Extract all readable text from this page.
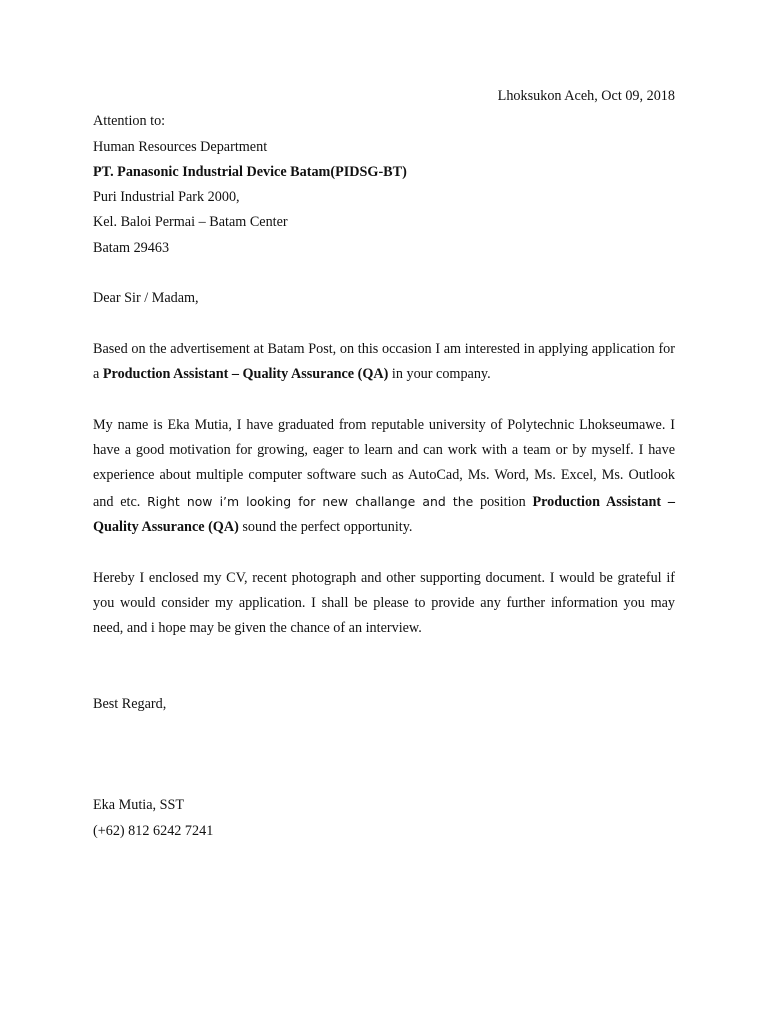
Lhoksukon Aceh, Oct 09, 2018
Attention to:
Human Resources Department
PT. Panasonic Industrial Device Batam(PIDSG-BT)
Puri Industrial Park 2000,
Kel. Baloi Permai – Batam Center
Batam 29463
Dear Sir / Madam,
Based on the advertisement at Batam Post, on this occasion I am interested in applying application for a Production Assistant – Quality Assurance (QA) in your company.
My name is Eka Mutia, I have graduated from reputable university of Polytechnic Lhokseumawe. I have a good motivation for growing, eager to learn and can work with a team or by myself. I have experience about multiple computer software such as AutoCad, Ms. Word, Ms. Excel, Ms. Outlook and etc. Right now i’m looking for new challange and the position Production Assistant – Quality Assurance (QA) sound the perfect opportunity.
Hereby I enclosed my CV, recent photograph and other supporting document. I would be grateful if you would consider my application. I shall be please to provide any further information you may need, and i hope may be given the chance of an interview.
Best Regard,
Eka Mutia, SST
(+62) 812 6242 7241
